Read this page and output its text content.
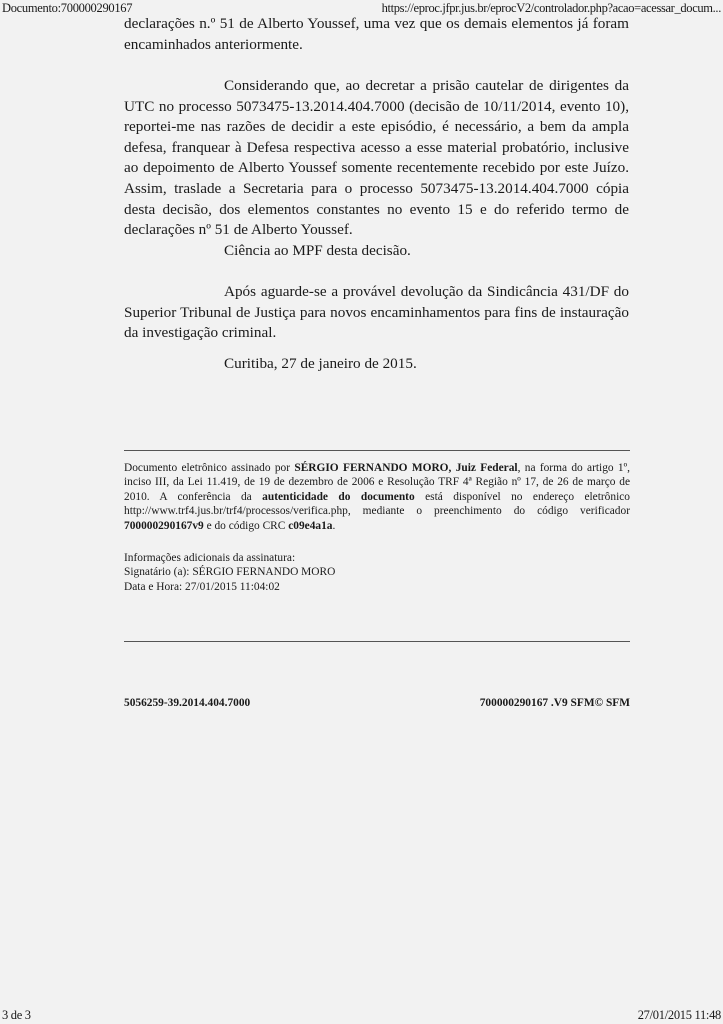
Documento:700000290167	https://eproc.jfpr.jus.br/eprocV2/controlador.php?acao=acessar_docum...

declarações n.º 51 de Alberto Youssef, uma vez que os demais elementos já foram encaminhados anteriormente.

Considerando que, ao decretar a prisão cautelar de dirigentes da UTC no processo 5073475-13.2014.404.7000 (decisão de 10/11/2014, evento 10), reportei-me nas razões de decidir a este episódio, é necessário, a bem da ampla defesa, franquear à Defesa respectiva acesso a esse material probatório, inclusive ao depoimento de Alberto Youssef somente recentemente recebido por este Juízo. Assim, traslade a Secretaria para o processo 5073475-13.2014.404.7000 cópia desta decisão, dos elementos constantes no evento 15 e do referido termo de declarações nº 51 de Alberto Youssef.

Ciência ao MPF desta decisão.

Após aguarde-se a provável devolução da Sindicância 431/DF do Superior Tribunal de Justiça para novos encaminhamentos para fins de instauração da investigação criminal.

Curitiba, 27 de janeiro de 2015.

Documento eletrônico assinado por SÉRGIO FERNANDO MORO, Juiz Federal, na forma do artigo 1º, inciso III, da Lei 11.419, de 19 de dezembro de 2006 e Resolução TRF 4ª Região nº 17, de 26 de março de 2010. A conferência da autenticidade do documento está disponível no endereço eletrônico http://www.trf4.jus.br/trf4/processos/verifica.php, mediante o preenchimento do código verificador 700000290167v9 e do código CRC c09e4a1a.
Informações adicionais da assinatura:
Signatário (a): SÉRGIO FERNANDO MORO
Data e Hora: 27/01/2015 11:04:02
5056259-39.2014.404.7000	700000290167 .V9 SFM© SFM
3 de 3	27/01/2015 11:48
